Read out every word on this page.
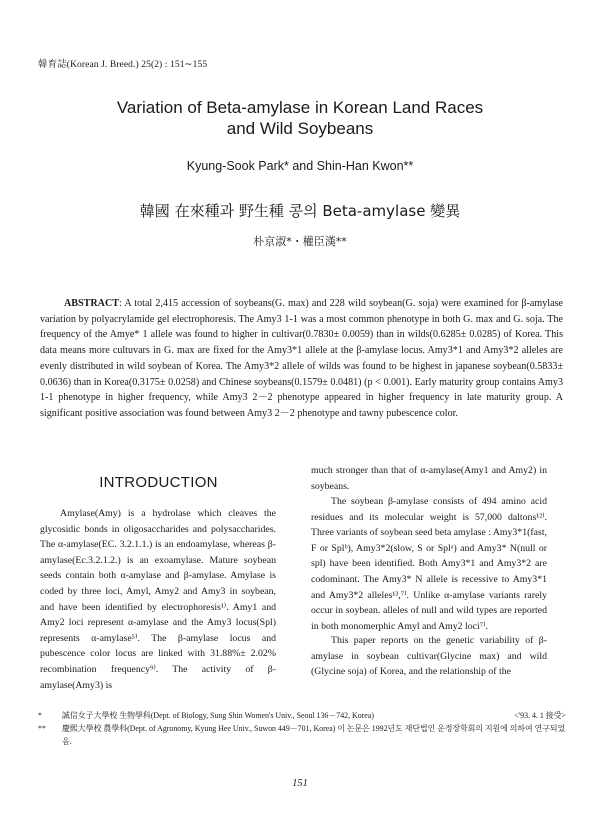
韓育誌(Korean J. Breed.) 25(2) : 151∼155
Variation of Beta-amylase in Korean Land Races
and Wild Soybeans
Kyung-Sook Park* and Shin-Han Kwon**
韓國 在來種과 野生種 콩의 Beta-amylase 變異
朴京淑*・權臣漢**

ABSTRACT: A total 2,415 accession of soybeans(G. max) and 228 wild soybean(G. soja) were examined for β-amylase variation by polyacrylamide gel electrophoresis. The Amy3 1-1 was a most common phenotype in both G. max and G. soja. The frequency of the Amye* 1 allele was found to higher in cultivar(0.7830± 0.0059) than in wilds(0.6285± 0.0285) of Korea. This data means more cultuvars in G. max are fixed for the Amy3*1 allele at the β-amylase locus. Amy3*1 and Amy3*2 alleles are evenly distributed in wild soybean of Korea. The Amy3*2 allele of wilds was found to be highest in japanese soybean(0.5833± 0.0636) than in Korea(0.3175± 0.0258) and Chinese soybeans(0.1579± 0.0481) (p < 0.001). Early maturity group contains Amy3 1-1 phenotype in higher frequency, while Amy3 2－2 phenotype appeared in higher frequency in late maturity group. A significant positive association was found between Amy3 2－2 phenotype and tawny pubescence color.

INTRODUCTION

Amylase(Amy) is a hydrolase which cleaves the glycosidic bonds in oligosaccharides and polysaccharides. The α-amylase(EC. 3.2.1.1.) is an endoamylase, whereas β-amylase(Ec.3.2.1.2.) is an exoamylase. Mature soybean seeds contain both α-amylase and β-amylase. Amylase is coded by three loci, Amyl, Amy2 and Amy3 in soybean, and have been identified by electrophoresis¹⁾. Amy1 and Amy2 loci represent α-amylase and the Amy3 locus(Spl) represents α-amylase⁵⁾. The β-amylase locus and pubescence color locus are linked with 31.88%± 2.02% recombination frequency⁹⁾. The activity of β-amylase(Amy3) is

much stronger than that of α-amylase(Amy1 and Amy2) in soybeans.

The soybean β-amylase consists of 494 amino acid residues and its molecular weight is 57,000 daltons¹²⁾. Three variants of soybean seed beta amylase : Amy3*1(fast, F or Splᵇ), Amy3*2(slow, S or Splᵃ) and Amy3* N(null or spl) have been identified. Both Amy3*1 and Amy3*2 are codominant. The Amy3* N allele is recessive to Amy3*1 and Amy3*2 alleles¹³,⁷⁾. Unlike α-amylase variants rarely occur in soybean. alleles of null and wild types are reported in both monomerphic Amyl and Amy2 loci⁷⁾.

This paper reports on the genetic variability of β-amylase in soybean cultivar(Glycine max) and wild (Glycine soja) of Korea, and the relationship of the

<'93. 4. 1 接受>
*	誠信女子大學校 生物學科(Dept. of Biology, Sung Shin Women's Univ., Seoul 136－742, Korea)
**	慶熙大學校 農學科(Dept. of Agronomy, Kyung Hee Univ., Suwon 449－701, Korea) 이 논문은 1992년도 재단법인 운정장학회의 지원에 의하여 연구되었음.
151
